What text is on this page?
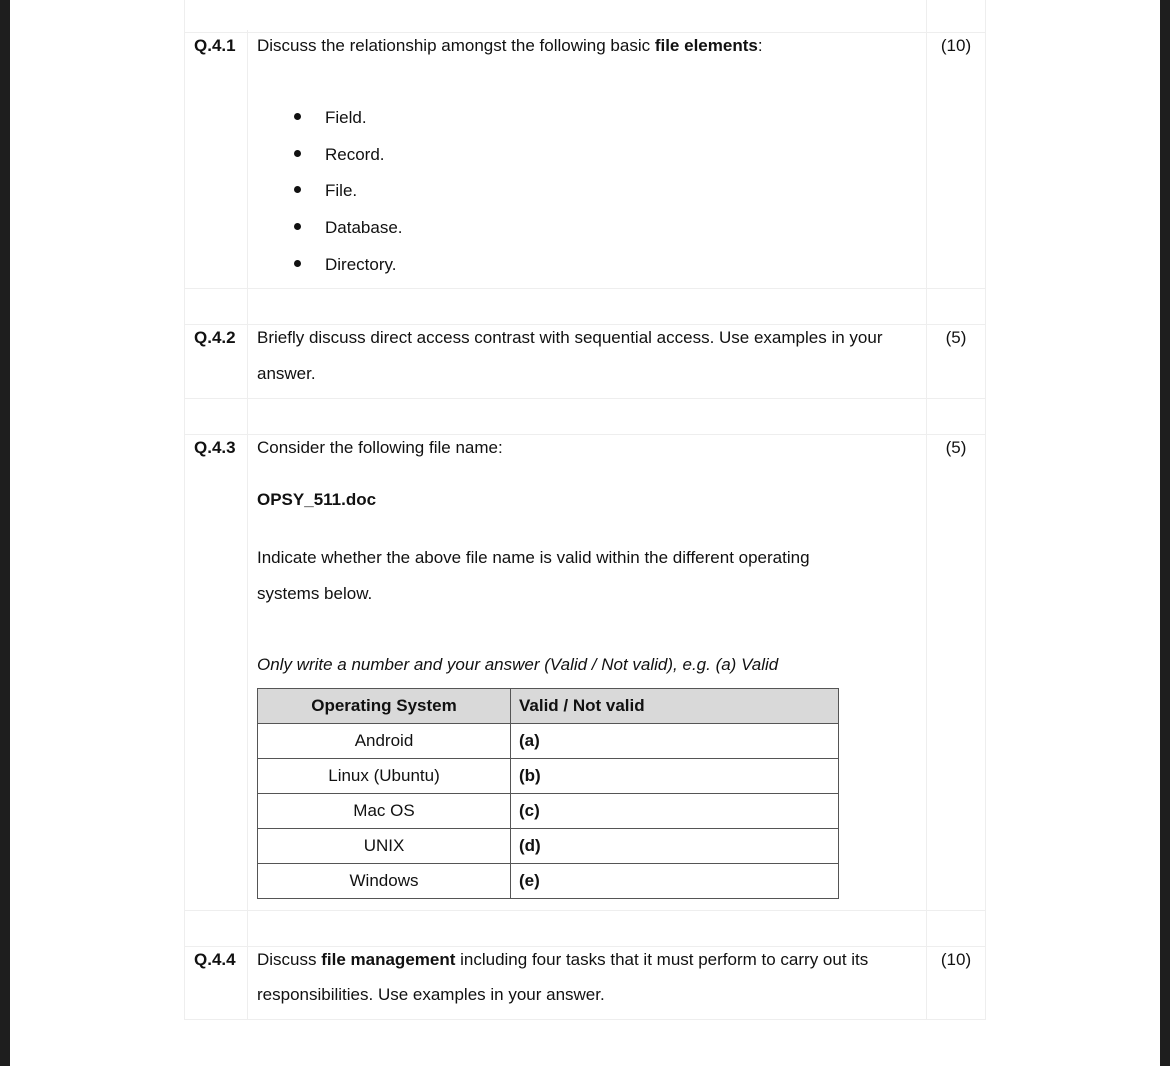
Q.4.1 Discuss the relationship amongst the following basic file elements:	(10)
Field.
Record.
File.
Database.
Directory.
Q.4.2 Briefly discuss direct access contrast with sequential access. Use examples in your
answer.
(5)
Q.4.3 Consider the following file name:	(5)
OPSY_511.doc
Indicate whether the above file name is valid within the different operating
systems below.
Only write a number and your answer (Valid / Not valid), e.g. (a) Valid
Operating System	Valid / Not valid
Android	(a)
Linux (Ubuntu)	(b)
Mac OS	(c)
UNIX	(d)
Windows	(e)
Q.4.4 Discuss file management including four tasks that it must perform to carry out its
responsibilities. Use examples in your answer.
(10)
